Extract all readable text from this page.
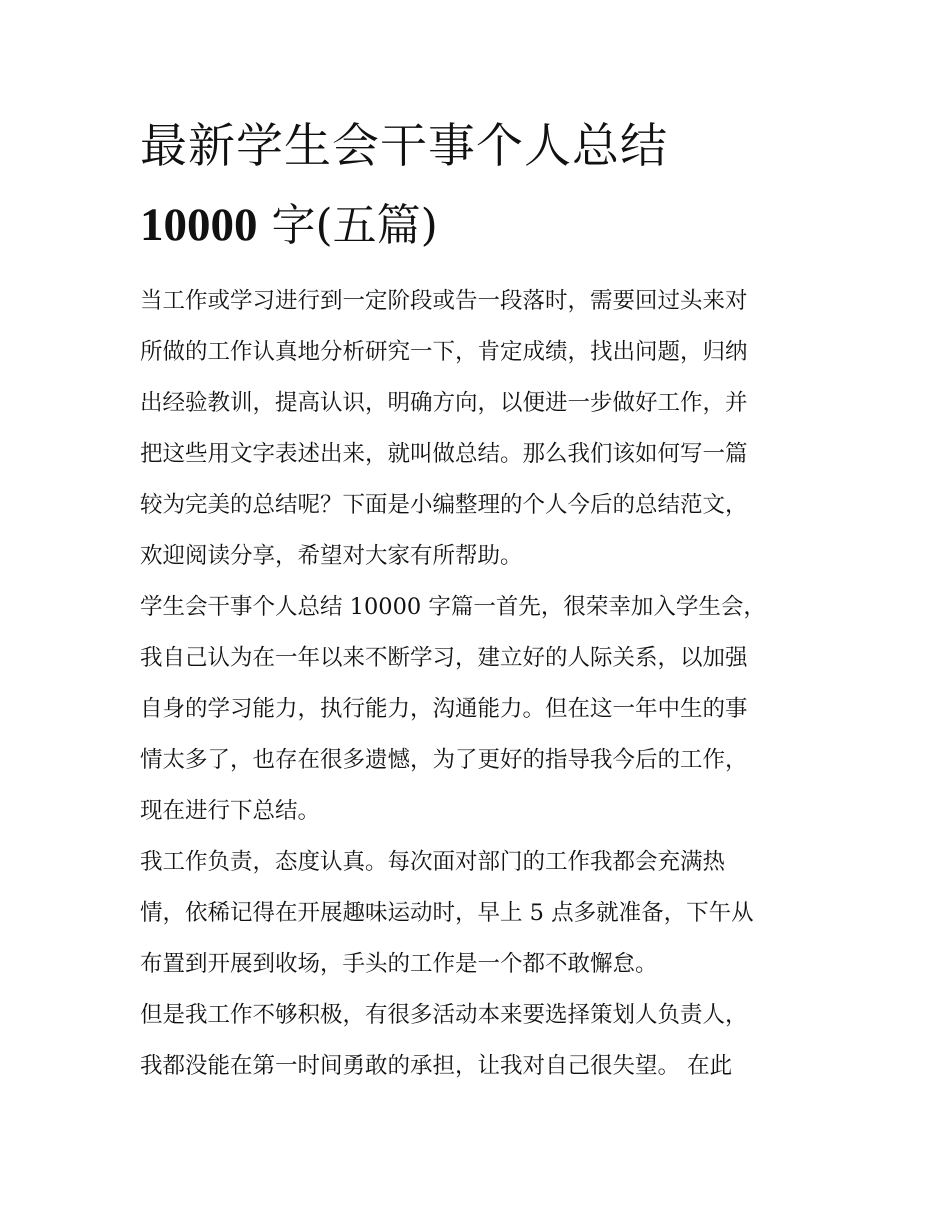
最新学生会干事个人总结
10000 字(五篇)
当工作或学习进行到一定阶段或告一段落时，需要回过头来对
所做的工作认真地分析研究一下，肯定成绩，找出问题，归纳
出经验教训，提高认识，明确方向，以便进一步做好工作，并
把这些用文字表述出来，就叫做总结。那么我们该如何写一篇
较为完美的总结呢？下面是小编整理的个人今后的总结范文，
欢迎阅读分享，希望对大家有所帮助。
学生会干事个人总结 10000 字篇一首先，很荣幸加入学生会，
我自己认为在一年以来不断学习，建立好的人际关系，以加强
自身的学习能力，执行能力，沟通能力。但在这一年中生的事
情太多了，也存在很多遗憾，为了更好的指导我今后的工作，
现在进行下总结。
我工作负责，态度认真。每次面对部门的工作我都会充满热
情，依稀记得在开展趣味运动时，早上 5 点多就准备，下午从
布置到开展到收场，手头的工作是一个都不敢懈怠。
但是我工作不够积极，有很多活动本来要选择策划人负责人，
我都没能在第一时间勇敢的承担，让我对自己很失望。 在此
